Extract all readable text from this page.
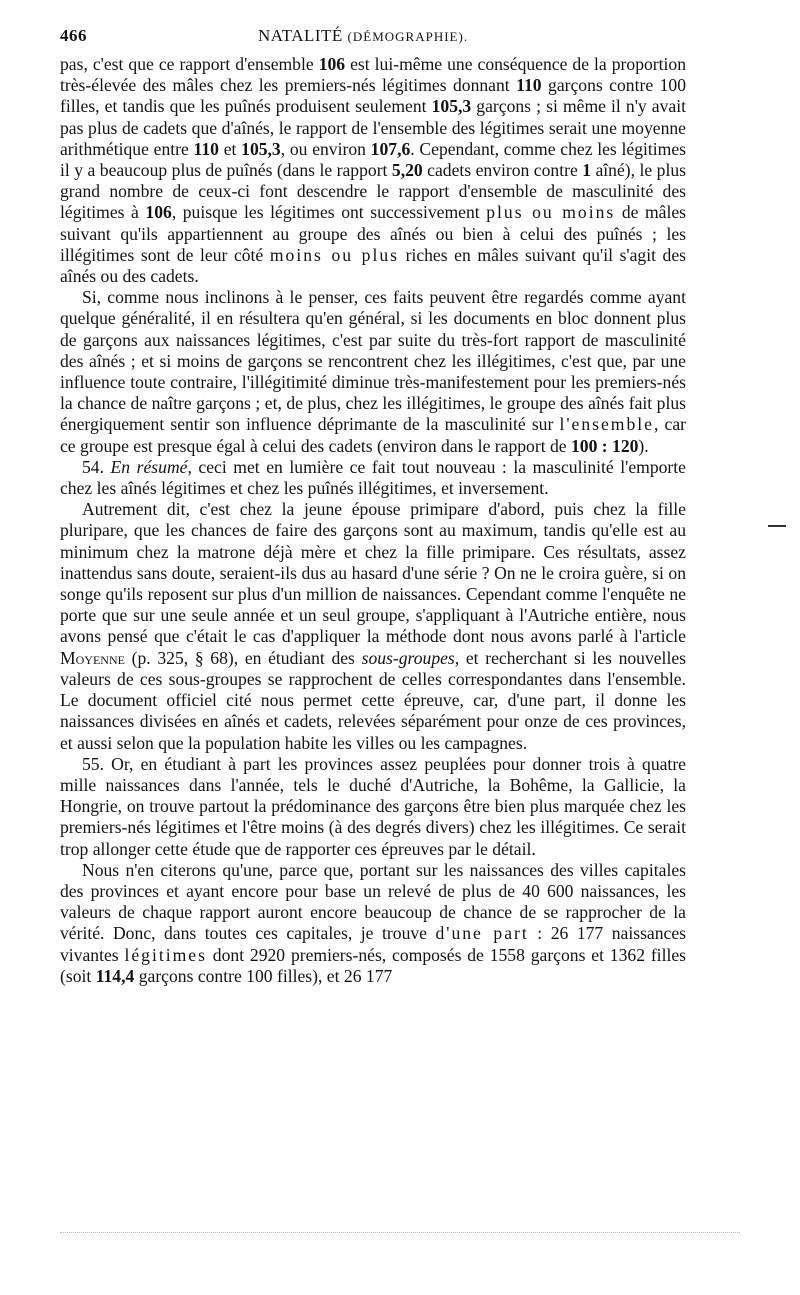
466	NATALITÉ (DÉMOGRAPHIE).

pas, c'est que ce rapport d'ensemble 106 est lui-même une conséquence de la proportion très-élevée des mâles chez les premiers-nés légitimes donnant 110 garçons contre 100 filles, et tandis que les puînés produisent seulement 105,3 garçons ; si même il n'y avait pas plus de cadets que d'aînés, le rapport de l'ensemble des légitimes serait une moyenne arithmétique entre 110 et 105,3, ou environ 107,6. Cependant, comme chez les légitimes il y a beaucoup plus de puînés (dans le rapport 5,20 cadets environ contre 1 aîné), le plus grand nombre de ceux-ci font descendre le rapport d'ensemble de masculinité des légitimes à 106, puisque les légitimes ont successivement plus ou moins de mâles suivant qu'ils appartiennent au groupe des aînés ou bien à celui des puînés ; les illégitimes sont de leur côté moins ou plus riches en mâles suivant qu'il s'agit des aînés ou des cadets.

Si, comme nous inclinons à le penser, ces faits peuvent être regardés comme ayant quelque généralité, il en résultera qu'en général, si les documents en bloc donnent plus de garçons aux naissances légitimes, c'est par suite du très-fort rapport de masculinité des aînés ; et si moins de garçons se rencontrent chez les illégitimes, c'est que, par une influence toute contraire, l'illégitimité diminue très-manifestement pour les premiers-nés la chance de naître garçons ; et, de plus, chez les illégitimes, le groupe des aînés fait plus énergiquement sentir son influence déprimante de la masculinité sur l'ensemble, car ce groupe est presque égal à celui des cadets (environ dans le rapport de 100 : 120).

54. En résumé, ceci met en lumière ce fait tout nouveau : la masculinité l'emporte chez les aînés légitimes et chez les puînés illégitimes, et inversement.

Autrement dit, c'est chez la jeune épouse primipare d'abord, puis chez la fille pluripare, que les chances de faire des garçons sont au maximum, tandis qu'elle est au minimum chez la matrone déjà mère et chez la fille primipare. Ces résultats, assez inattendus sans doute, seraient-ils dus au hasard d'une série ? On ne le croira guère, si on songe qu'ils reposent sur plus d'un million de naissances. Cependant comme l'enquête ne porte que sur une seule année et un seul groupe, s'appliquant à l'Autriche entière, nous avons pensé que c'était le cas d'appliquer la méthode dont nous avons parlé à l'article Moyenne (p. 325, § 68), en étudiant des sous-groupes, et recherchant si les nouvelles valeurs de ces sous-groupes se rapprochent de celles correspondantes dans l'ensemble. Le document officiel cité nous permet cette épreuve, car, d'une part, il donne les naissances divisées en aînés et cadets, relevées séparément pour onze de ces provinces, et aussi selon que la population habite les villes ou les campagnes.

55. Or, en étudiant à part les provinces assez peuplées pour donner trois à quatre mille naissances dans l'année, tels le duché d'Autriche, la Bohême, la Gallicie, la Hongrie, on trouve partout la prédominance des garçons être bien plus marquée chez les premiers-nés légitimes et l'être moins (à des degrés divers) chez les illégitimes. Ce serait trop allonger cette étude que de rapporter ces épreuves par le détail.

Nous n'en citerons qu'une, parce que, portant sur les naissances des villes capitales des provinces et ayant encore pour base un relevé de plus de 40 600 naissances, les valeurs de chaque rapport auront encore beaucoup de chance de se rapprocher de la vérité. Donc, dans toutes ces capitales, je trouve d'une part : 26 177 naissances vivantes légitimes dont 2920 premiers-nés, composés de 1558 garçons et 1362 filles (soit 114,4 garçons contre 100 filles), et 26 177
